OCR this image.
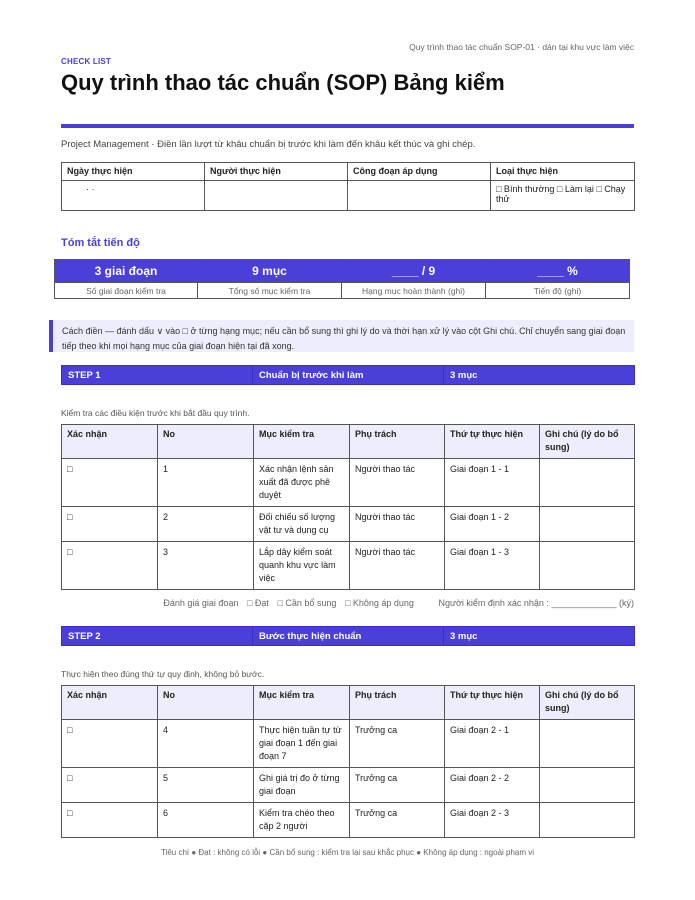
Quy trình thao tác chuẩn SOP-01 · dán tại khu vực làm việc
CHECK LIST
Quy trình thao tác chuẩn (SOP) Bảng kiểm
Project Management · Điền lần lượt từ khâu chuẩn bị trước khi làm đến khâu kết thúc và ghi chép.
Ngày thực hiện	Người thực hiện	Công đoạn áp dụng	Loại thực hiện
· ·			□ Bình thường □ Làm lại □ Chạy thử
Tóm tắt tiến độ
3 giai đoạn	9 mục	____ / 9	____ %
Số giai đoạn kiểm tra	Tổng số mục kiểm tra	Hạng mục hoàn thành (ghi)	Tiến độ (ghi)
Cách điền — đánh dấu ∨ vào □ ở từng hạng mục; nếu cần bổ sung thì ghi lý do và thời hạn xử lý vào cột Ghi chú. Chỉ chuyển sang giai đoạn tiếp theo khi mọi hạng mục của giai đoạn hiện tại đã xong.
STEP 1	Chuẩn bị trước khi làm	3 mục
Kiểm tra các điều kiện trước khi bắt đầu quy trình.
Xác nhận	No	Mục kiểm tra	Phụ trách	Thứ tự thực hiện	Ghi chú (lý do bổ sung)
□	1	Xác nhận lệnh sản xuất đã được phê duyệt	Người thao tác	Giai đoạn 1 - 1	
□	2	Đối chiếu số lượng vật tư và dụng cụ	Người thao tác	Giai đoạn 1 - 2	
□	3	Lắp dây kiểm soát quanh khu vực làm việc	Người thao tác	Giai đoạn 1 - 3	
Đánh giá giai đoạn □ Đạt □ Cần bổ sung □ Không áp dụng	Người kiểm định xác nhận : _____________ (ký)
STEP 2	Bước thực hiện chuẩn	3 mục
Thực hiện theo đúng thứ tự quy định, không bỏ bước.
Xác nhận	No	Mục kiểm tra	Phụ trách	Thứ tự thực hiện	Ghi chú (lý do bổ sung)
□	4	Thực hiện tuần tự từ giai đoạn 1 đến giai đoạn 7	Trưởng ca	Giai đoạn 2 - 1	
□	5	Ghi giá trị đo ở từng giai đoạn	Trưởng ca	Giai đoạn 2 - 2	
□	6	Kiểm tra chéo theo cặp 2 người	Trưởng ca	Giai đoạn 2 - 3	
Tiêu chí ● Đạt : không có lỗi ● Cần bổ sung : kiểm tra lại sau khắc phục ● Không áp dụng : ngoài phạm vi
